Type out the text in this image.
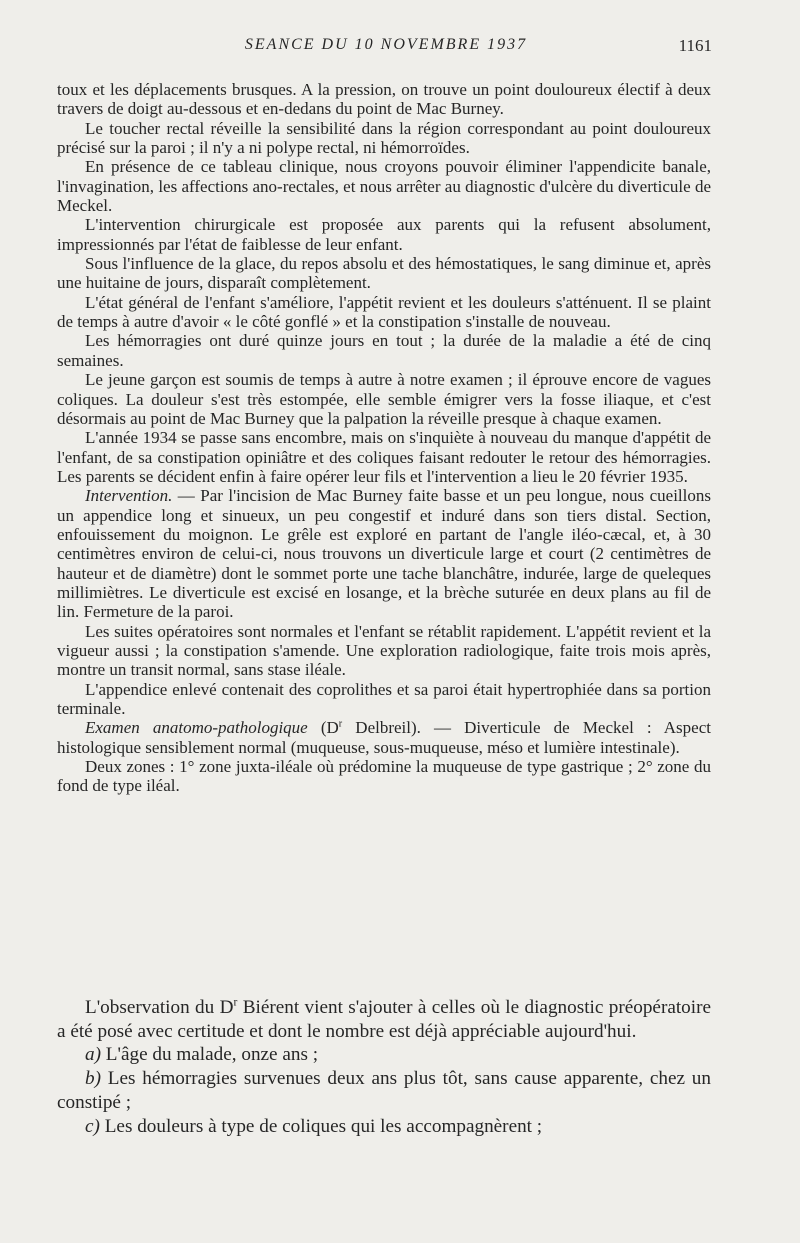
SEANCE DU 10 NOVEMBRE 1937	1161

toux et les déplacements brusques. A la pression, on trouve un point douloureux électif à deux travers de doigt au-dessous et en-dedans du point de Mac Burney.

Le toucher rectal réveille la sensibilité dans la région correspondant au point douloureux précisé sur la paroi ; il n'y a ni polype rectal, ni hémorroïdes.

En présence de ce tableau clinique, nous croyons pouvoir éliminer l'appendicite banale, l'invagination, les affections ano-rectales, et nous arrêter au diagnostic d'ulcère du diverticule de Meckel.

L'intervention chirurgicale est proposée aux parents qui la refusent absolument, impressionnés par l'état de faiblesse de leur enfant.

Sous l'influence de la glace, du repos absolu et des hémostatiques, le sang diminue et, après une huitaine de jours, disparaît complètement.

L'état général de l'enfant s'améliore, l'appétit revient et les douleurs s'atténuent. Il se plaint de temps à autre d'avoir « le côté gonflé » et la constipation s'installe de nouveau.

Les hémorragies ont duré quinze jours en tout ; la durée de la maladie a été de cinq semaines.

Le jeune garçon est soumis de temps à autre à notre examen ; il éprouve encore de vagues coliques. La douleur s'est très estompée, elle semble émigrer vers la fosse iliaque, et c'est désormais au point de Mac Burney que la palpation la réveille presque à chaque examen.

L'année 1934 se passe sans encombre, mais on s'inquiète à nouveau du manque d'appétit de l'enfant, de sa constipation opiniâtre et des coliques faisant redouter le retour des hémorragies. Les parents se décident enfin à faire opérer leur fils et l'intervention a lieu le 20 février 1935.

Intervention. — Par l'incision de Mac Burney faite basse et un peu longue, nous cueillons un appendice long et sinueux, un peu congestif et induré dans son tiers distal. Section, enfouissement du moignon. Le grêle est exploré en partant de l'angle iléo-cæcal, et, à 30 centimètres environ de celui-ci, nous trouvons un diverticule large et court (2 centimètres de hauteur et de diamètre) dont le sommet porte une tache blanchâtre, indurée, large de queleques millimiètres. Le diverticule est excisé en losange, et la brèche suturée en deux plans au fil de lin. Fermeture de la paroi.

Les suites opératoires sont normales et l'enfant se rétablit rapidement. L'appétit revient et la vigueur aussi ; la constipation s'amende. Une exploration radiologique, faite trois mois après, montre un transit normal, sans stase iléale.

L'appendice enlevé contenait des coprolithes et sa paroi était hypertrophiée dans sa portion terminale.

Examen anatomo-pathologique ($D^r$ Delbreil). — Diverticule de Meckel : Aspect histologique sensiblement normal (muqueuse, sous-muqueuse, méso et lumière intestinale).

Deux zones : 1° zone juxta-iléale où prédomine la muqueuse de type gastrique ; 2° zone du fond de type iléal.

L'observation du $D^r$ Biérent vient s'ajouter à celles où le diagnostic préopératoire a été posé avec certitude et dont le nombre est déjà appréciable aujourd'hui.

a) L'âge du malade, onze ans ;

b) Les hémorragies survenues deux ans plus tôt, sans cause apparente, chez un constipé ;

c) Les douleurs à type de coliques qui les accompagnèrent ;
